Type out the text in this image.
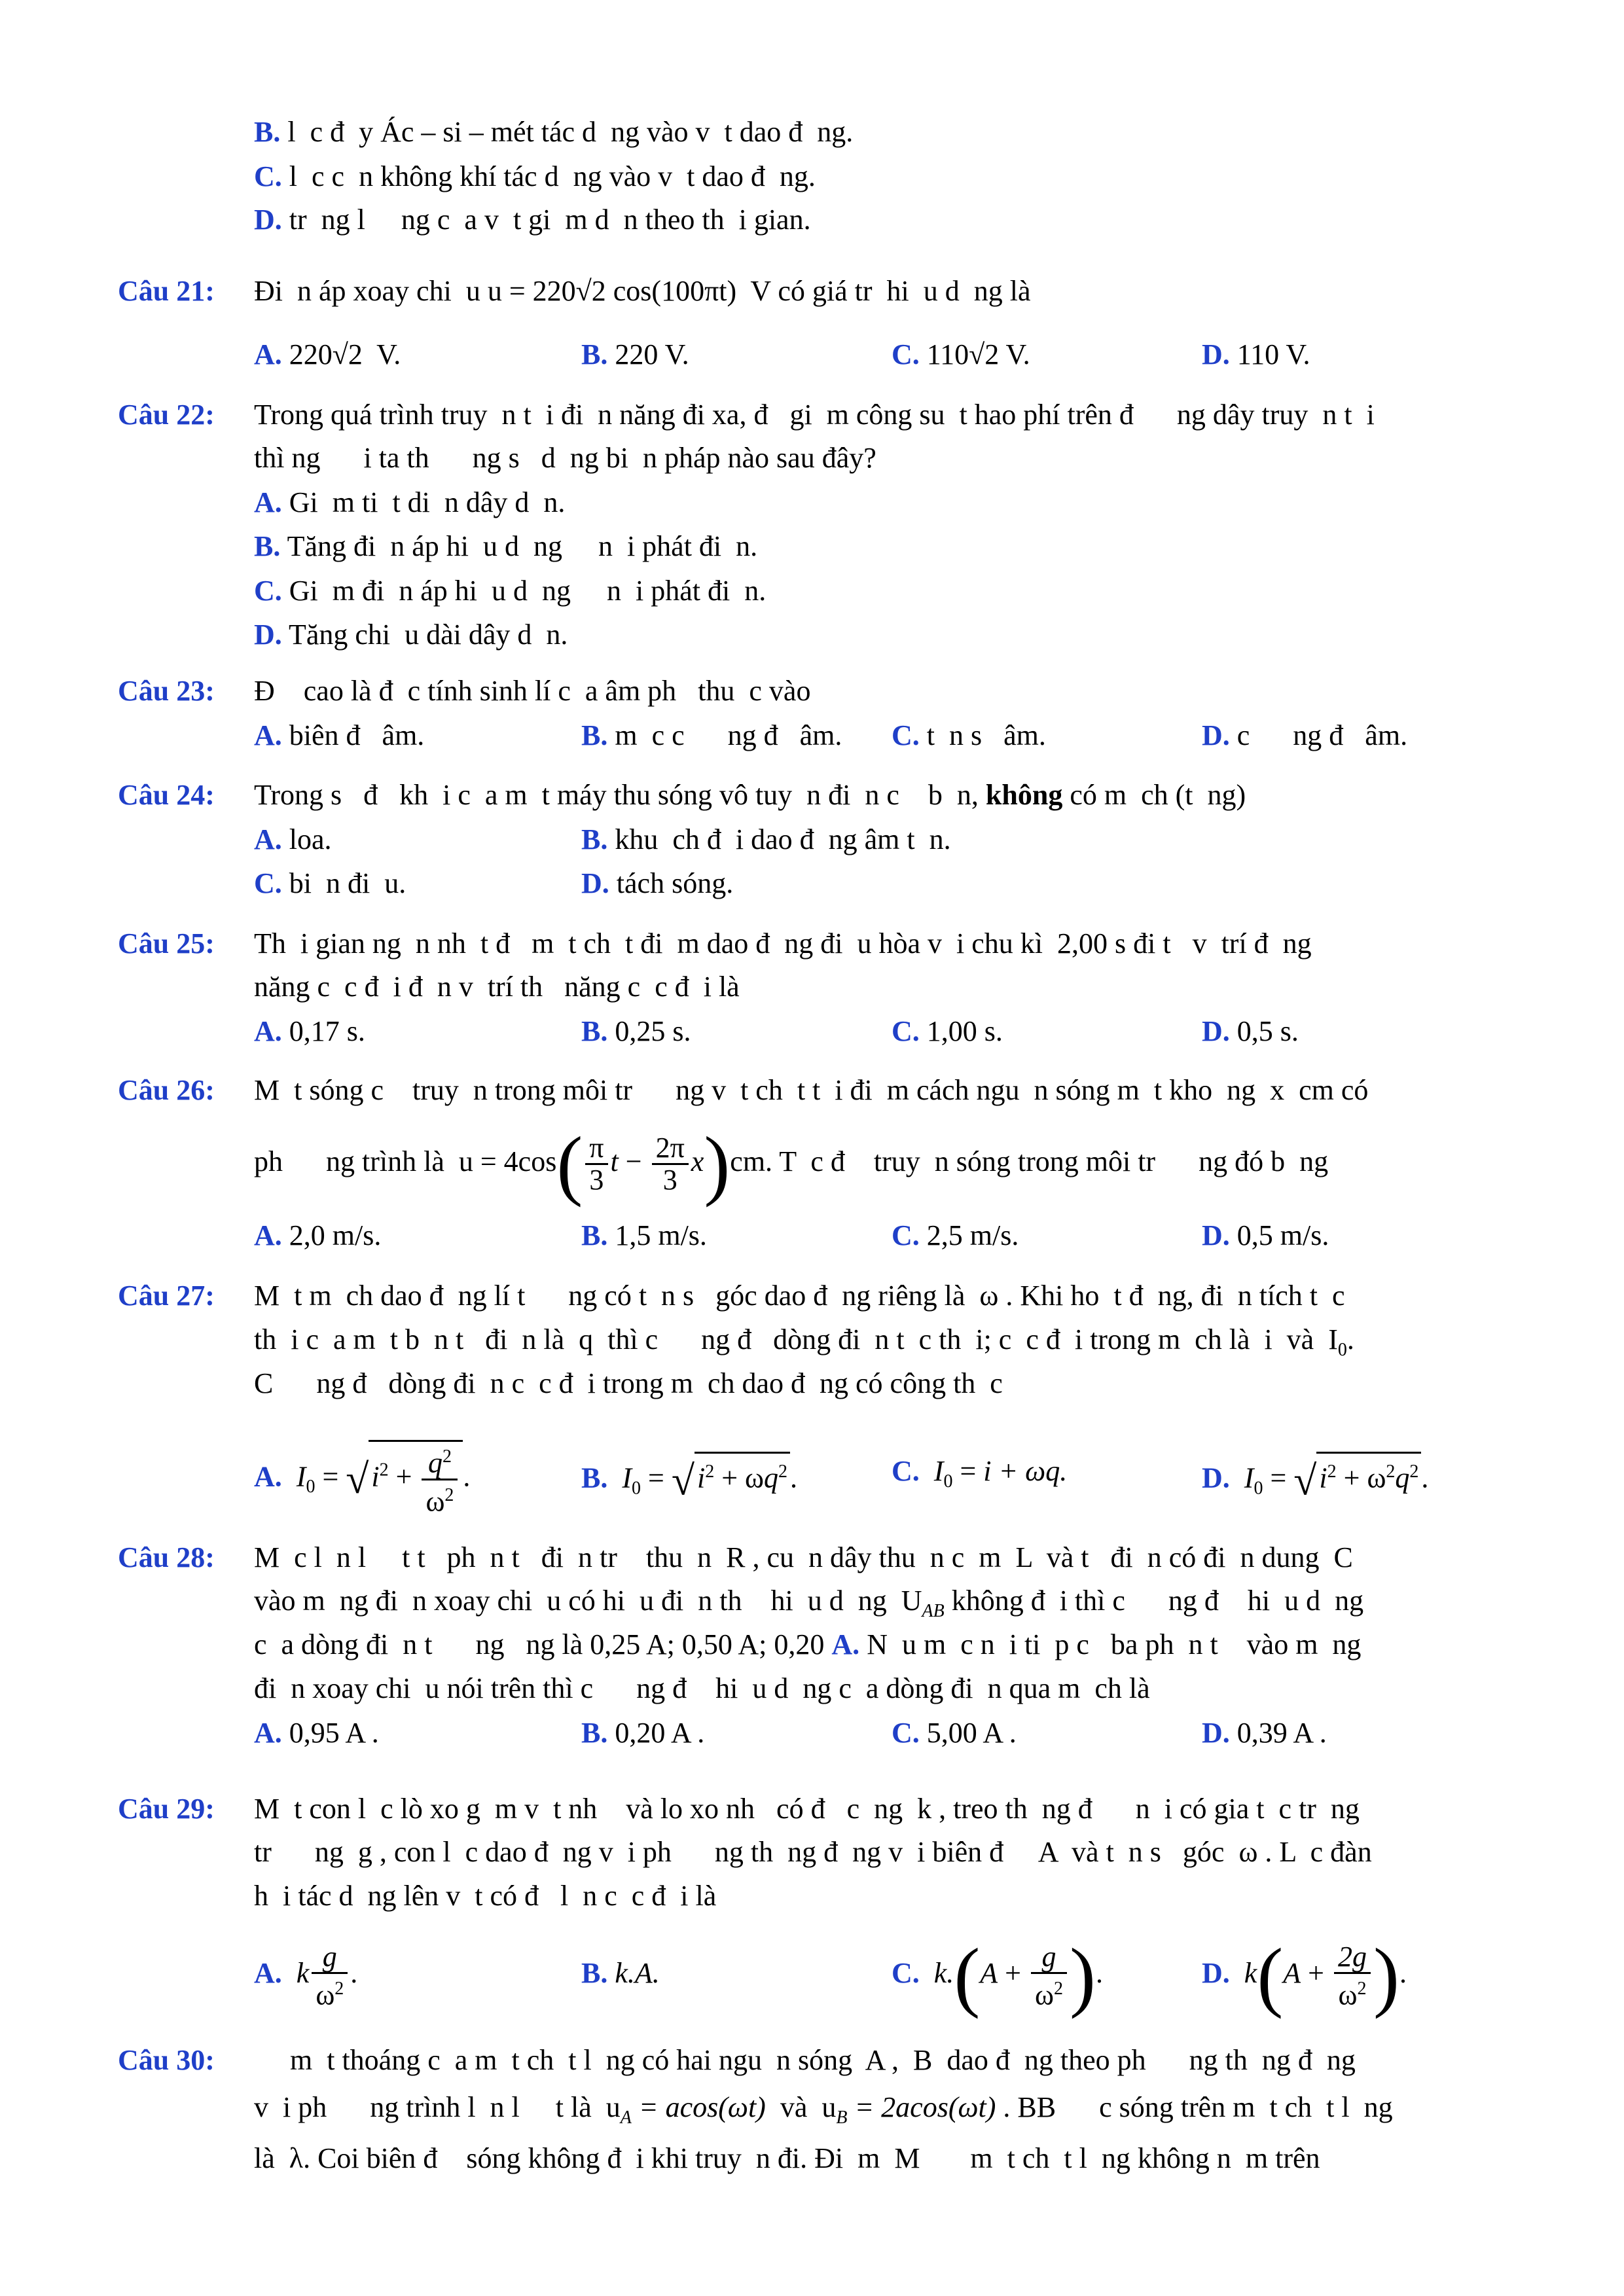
B. l  c đ  y Ác – si – mét tác d  ng vào v  t dao đ  ng.
C. l  c c  n không khí tác d  ng vào v  t dao đ  ng.
D. tr  ng l     ng c  a v  t gi  m d  n theo th  i gian.
Câu 21: Đi  n áp xoay chi  u u = 220√2 cos(100πt)  V có giá tr  hi  u d  ng là
A. 220√2  V.	B. 220 V.	C. 110√2 V.	D. 110 V.
Câu 22: Trong quá trình truy  n t  i đi  n năng đi xa, đ   gi  m công su  t hao phí trên đ      ng dây truy  n t  i
thì ng      i ta th      ng s   d  ng bi  n pháp nào sau đây?
A. Gi  m ti  t di  n dây d  n.
B. Tăng đi  n áp hi  u d  ng     n  i phát đi  n.
C. Gi  m đi  n áp hi  u d  ng     n  i phát đi  n.
D. Tăng chi  u dài dây d  n.
Câu 23: Đ    cao là đ  c tính sinh lí c  a âm ph   thu  c vào
A. biên đ   âm.	B. m  c c      ng đ   âm. C. t  n s   âm.	D. c      ng đ   âm.
Câu 24: Trong s   đ   kh  i c  a m  t máy thu sóng vô tuy  n đi  n c    b  n, không có m  ch (t  ng)
A. loa.	B. khu  ch đ  i dao đ  ng âm t  n.
C. bi  n đi  u.	D. tách sóng.
Câu 25: Th  i gian ng  n nh  t đ   m  t ch  t đi  m dao đ  ng đi  u hòa v  i chu kì  2,00 s đi t   v  trí đ  ng
năng c  c đ  i đ  n v  trí th   năng c  c đ  i là
A. 0,17 s.	B. 0,25 s.	C. 1,00 s.	D. 0,5 s.
Câu 26: M  t sóng c    truy  n trong môi tr      ng v  t ch  t t  i đi  m cách ngu  n sóng m  t kho  ng  x  cm có
ph      ng trình là  $u = 4\cos( \frac{\pi}{3}$ $t - \frac{2\pi}{3} x)cm$. T  c đ    truy  n sóng trong môi tr      ng đó b  ng
A. 2,0 m/s.	B. 1,5 m/s.	C. 2,5 m/s.	D. 0,5 m/s.
Câu 27: M  t m  ch dao đ  ng lí t      ng có t  n s   góc dao đ  ng riêng là  ω . Khi ho  t đ  ng, đi  n tích t  c
th  i c  a m  t b  n t   đi  n là  q  thì c      ng đ   dòng đi  n t  c th  i; c  c đ  i trong m  ch là  i  và  $I_0$.
C      ng đ   dòng đi  n c  c đ  i trong m  ch dao đ  ng có công th  c
A. $I_0 = √i^2 + \frac{q^2}{\omega^2}$ .	B. $I_0 = √i^2 + \omega q^2$.	C. $I_0 = i + \omega q$.	D. $I_0 = √i^2 + \omega^2q^2$.
Câu 28: M  c l  n l     t t   ph  n t   đi  n tr    thu  n  R , cu  n dây thu  n c  m  L  và t   đi  n có đi  n dung  C
vào m  ng đi  n xoay chi  u có hi  u đi  n th    hi  u d  ng  $U_{AB}$ không đ  i thì c      ng đ    hi  u d  ng
c  a dòng đi  n t      ng   ng là 0,25 A; 0,50 A; 0,20 A. N  u m  c n  i ti  p c   ba ph  n t    vào m  ng
đi  n xoay chi  u nói trên thì c      ng đ    hi  u d  ng c  a dòng đi  n qua m  ch là
A. 0,95 A .	B. 0,20 A .	C. 5,00 A .	D. 0,39 A .
Câu 29: M  t con l  c lò xo g  m v  t nh    và lo xo nh   có đ   c  ng  k , treo th  ng đ      n  i có gia t  c tr  ng
tr      ng  g , con l  c dao đ  ng v  i ph      ng th  ng đ  ng v  i biên đ     A  và t  n s   góc  ω . L  c đàn
h  i tác d  ng lên v  t có đ   l  n c  c đ  i là
A. k $\frac{g}{\omega^2}$ .	B. k.A.	C. $k.(A + \frac{g}{\omega^2}$ ).	D. $k(A + \frac{2g}{\omega^2}$ ).
Câu 30: m  t thoáng c  a m  t ch  t l  ng có hai ngu  n sóng  A ,  B  dao đ  ng theo ph      ng th  ng đ  ng
v  i ph      ng trình l  n l     t là  $u_A = acos(\omega t)$ và  $u_B = 2acos(\omega t)$ . BB      c sóng trên m  t ch  t l  ng
là  λ. Coi biên đ    sóng không đ  i khi truy  n đi. Đi  m  M       m  t ch  t l  ng không n  m trên
